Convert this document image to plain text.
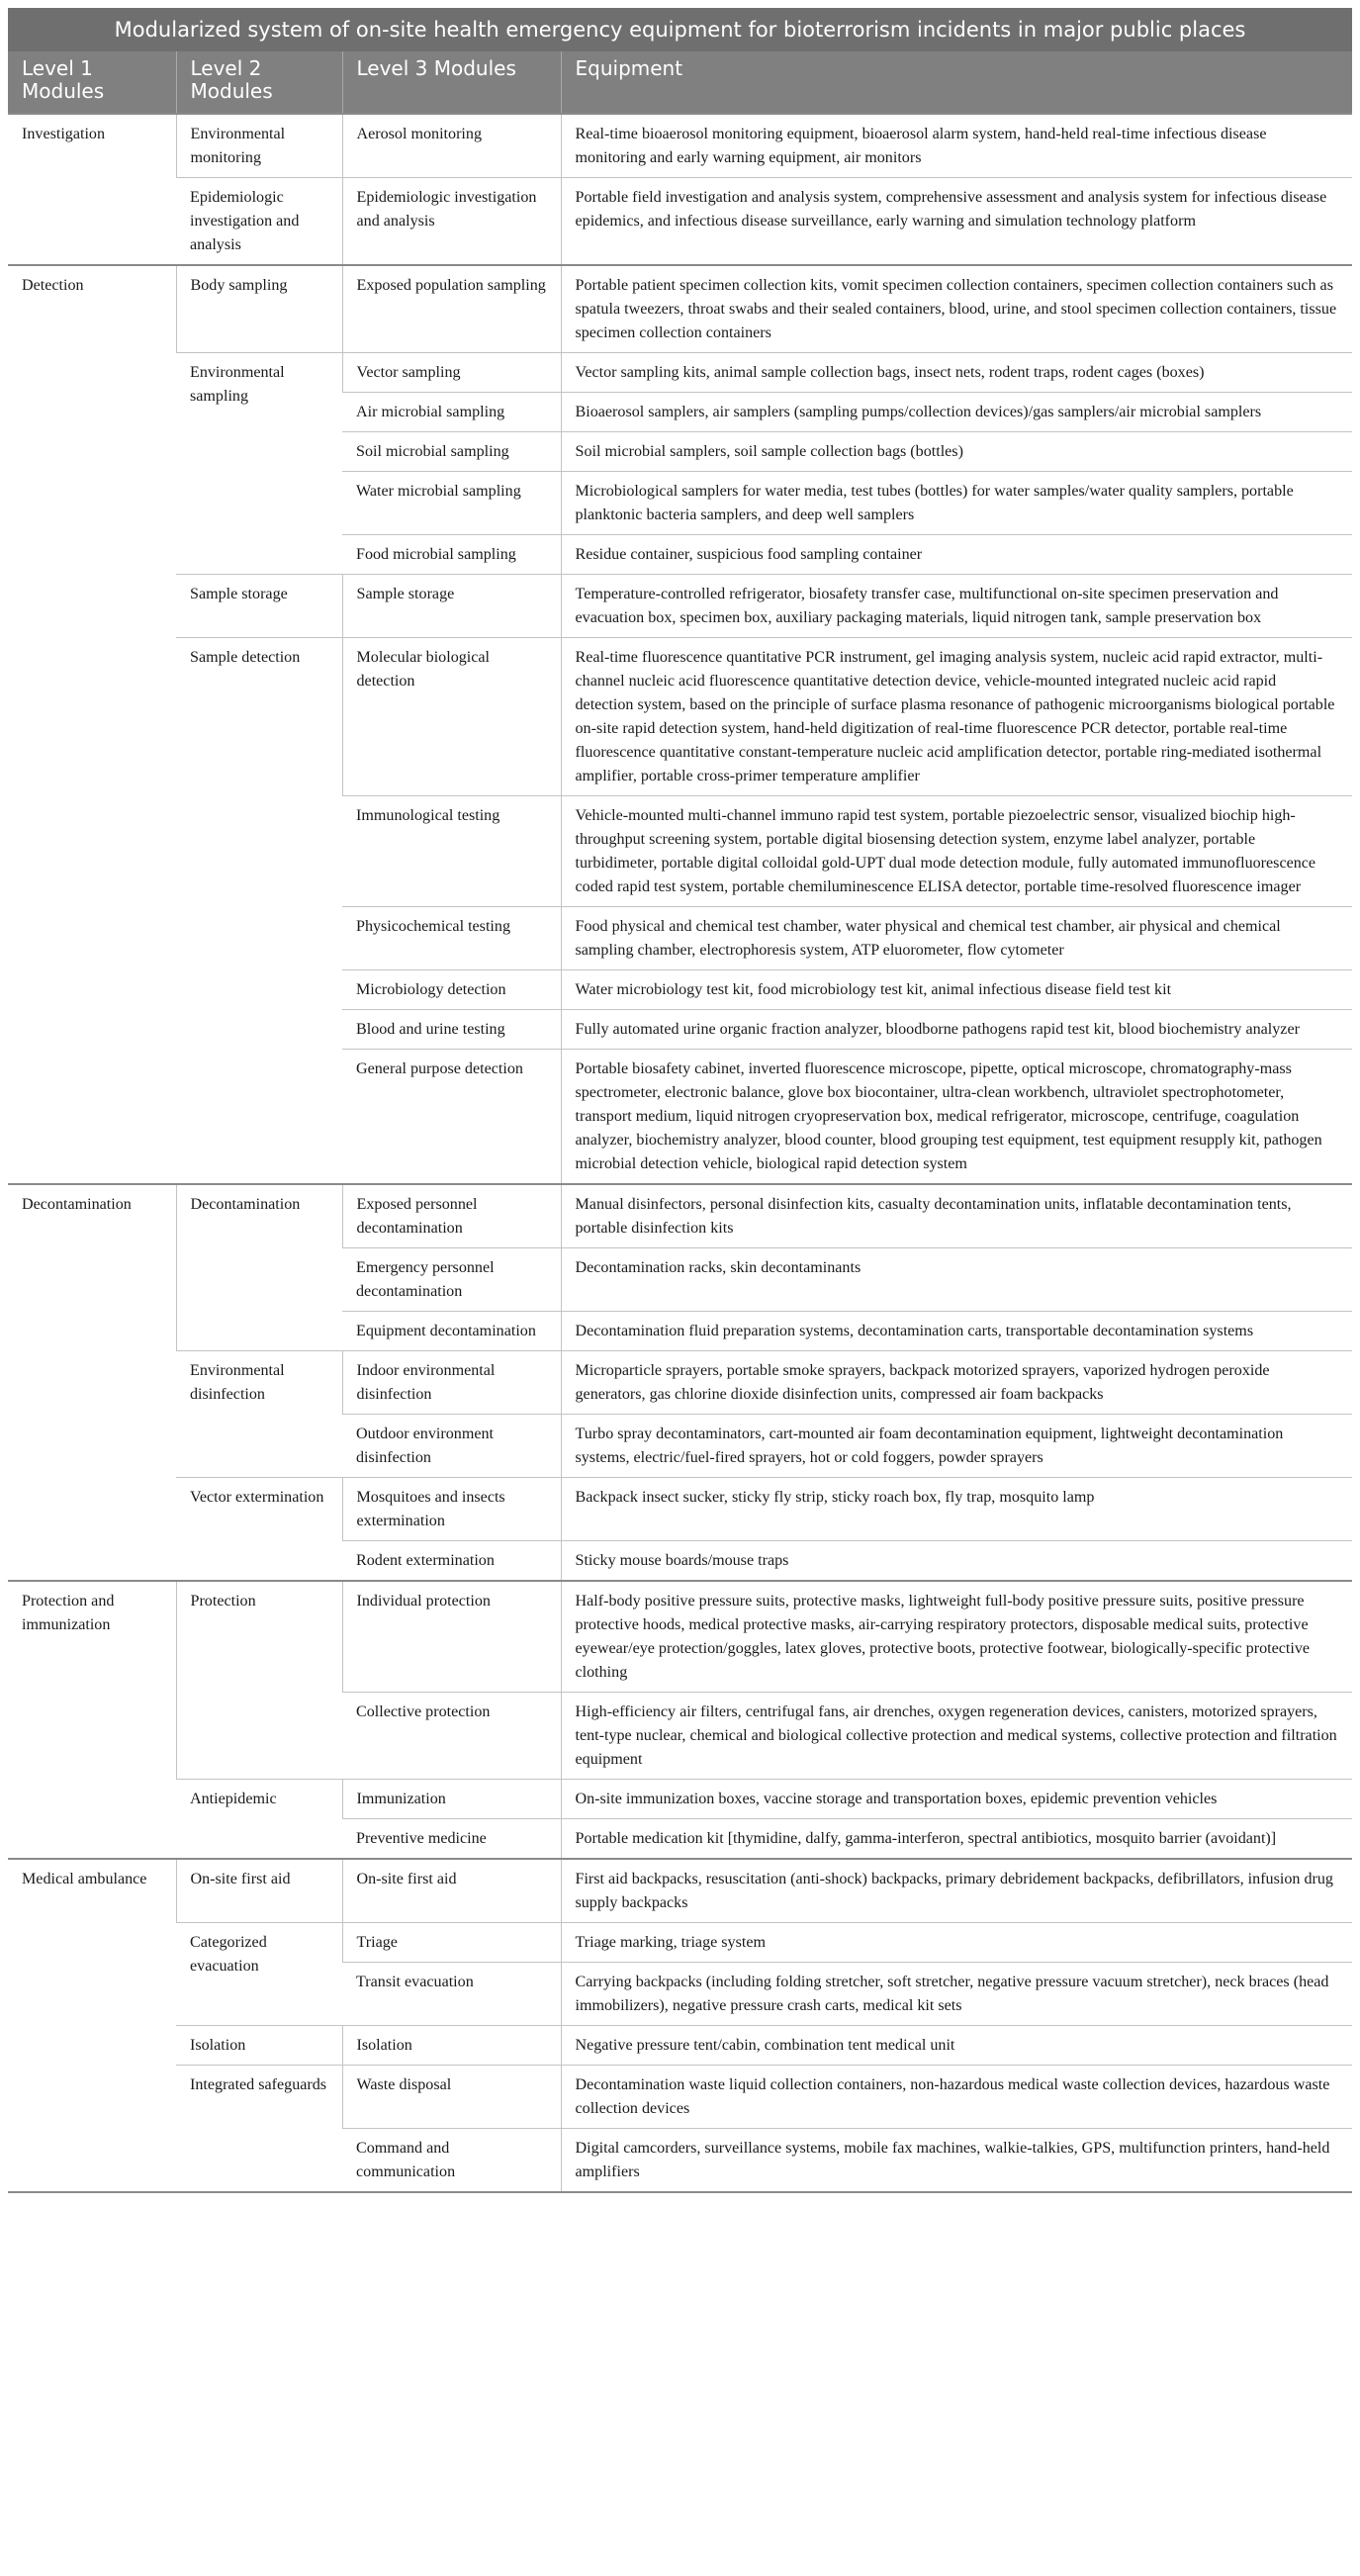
Modularized system of on-site health emergency equipment for bioterrorism incidents in major public places
Level 1 Modules	Level 2 Modules	Level 3 Modules	Equipment
Investigation	Environmental monitoring	Aerosol monitoring	Real-time bioaerosol monitoring equipment, bioaerosol alarm system, hand-held real-time infectious disease monitoring and early warning equipment, air monitors
	Epidemiologic investigation and analysis	Epidemiologic investigation and analysis	Portable field investigation and analysis system, comprehensive assessment and analysis system for infectious disease epidemics, and infectious disease surveillance, early warning and simulation technology platform
Detection	Body sampling	Exposed population sampling	Portable patient specimen collection kits, vomit specimen collection containers, specimen collection containers such as spatula tweezers, throat swabs and their sealed containers, blood, urine, and stool specimen collection containers, tissue specimen collection containers
	Environmental sampling	Vector sampling	Vector sampling kits, animal sample collection bags, insect nets, rodent traps, rodent cages (boxes)
		Air microbial sampling	Bioaerosol samplers, air samplers (sampling pumps/collection devices)/gas samplers/air microbial samplers
		Soil microbial sampling	Soil microbial samplers, soil sample collection bags (bottles)
		Water microbial sampling	Microbiological samplers for water media, test tubes (bottles) for water samples/water quality samplers, portable planktonic bacteria samplers, and deep well samplers
		Food microbial sampling	Residue container, suspicious food sampling container
	Sample storage	Sample storage	Temperature-controlled refrigerator, biosafety transfer case, multifunctional on-site specimen preservation and evacuation box, specimen box, auxiliary packaging materials, liquid nitrogen tank, sample preservation box
	Sample detection	Molecular biological detection	Real-time fluorescence quantitative PCR instrument, gel imaging analysis system, nucleic acid rapid extractor, multi-channel nucleic acid fluorescence quantitative detection device, vehicle-mounted integrated nucleic acid rapid detection system, based on the principle of surface plasma resonance of pathogenic microorganisms biological portable on-site rapid detection system, hand-held digitization of real-time fluorescence PCR detector, portable real-time fluorescence quantitative constant-temperature nucleic acid amplification detector, portable ring-mediated isothermal amplifier, portable cross-primer temperature amplifier
		Immunological testing	Vehicle-mounted multi-channel immuno rapid test system, portable piezoelectric sensor, visualized biochip high-throughput screening system, portable digital biosensing detection system, enzyme label analyzer, portable turbidimeter, portable digital colloidal gold-UPT dual mode detection module, fully automated immunofluorescence coded rapid test system, portable chemiluminescence ELISA detector, portable time-resolved fluorescence imager
		Physicochemical testing	Food physical and chemical test chamber, water physical and chemical test chamber, air physical and chemical sampling chamber, electrophoresis system, ATP eluorometer, flow cytometer
		Microbiology detection	Water microbiology test kit, food microbiology test kit, animal infectious disease field test kit
		Blood and urine testing	Fully automated urine organic fraction analyzer, bloodborne pathogens rapid test kit, blood biochemistry analyzer
		General purpose detection	Portable biosafety cabinet, inverted fluorescence microscope, pipette, optical microscope, chromatography-mass spectrometer, electronic balance, glove box biocontainer, ultra-clean workbench, ultraviolet spectrophotometer, transport medium, liquid nitrogen cryopreservation box, medical refrigerator, microscope, centrifuge, coagulation analyzer, biochemistry analyzer, blood counter, blood grouping test equipment, test equipment resupply kit, pathogen microbial detection vehicle, biological rapid detection system
Decontamination	Decontamination	Exposed personnel decontamination	Manual disinfectors, personal disinfection kits, casualty decontamination units, inflatable decontamination tents, portable disinfection kits
		Emergency personnel decontamination	Decontamination racks, skin decontaminants
		Equipment decontamination	Decontamination fluid preparation systems, decontamination carts, transportable decontamination systems
	Environmental disinfection	Indoor environmental disinfection	Microparticle sprayers, portable smoke sprayers, backpack motorized sprayers, vaporized hydrogen peroxide generators, gas chlorine dioxide disinfection units, compressed air foam backpacks
		Outdoor environment disinfection	Turbo spray decontaminators, cart-mounted air foam decontamination equipment, lightweight decontamination systems, electric/fuel-fired sprayers, hot or cold foggers, powder sprayers
	Vector extermination	Mosquitoes and insects extermination	Backpack insect sucker, sticky fly strip, sticky roach box, fly trap, mosquito lamp
		Rodent extermination	Sticky mouse boards/mouse traps
Protection and immunization	Protection	Individual protection	Half-body positive pressure suits, protective masks, lightweight full-body positive pressure suits, positive pressure protective hoods, medical protective masks, air-carrying respiratory protectors, disposable medical suits, protective eyewear/eye protection/goggles, latex gloves, protective boots, protective footwear, biologically-specific protective clothing
		Collective protection	High-efficiency air filters, centrifugal fans, air drenches, oxygen regeneration devices, canisters, motorized sprayers, tent-type nuclear, chemical and biological collective protection and medical systems, collective protection and filtration equipment
	Antiepidemic	Immunization	On-site immunization boxes, vaccine storage and transportation boxes, epidemic prevention vehicles
		Preventive medicine	Portable medication kit [thymidine, dalfy, gamma-interferon, spectral antibiotics, mosquito barrier (avoidant)]
Medical ambulance	On-site first aid	On-site first aid	First aid backpacks, resuscitation (anti-shock) backpacks, primary debridement backpacks, defibrillators, infusion drug supply backpacks
	Categorized evacuation	Triage	Triage marking, triage system
		Transit evacuation	Carrying backpacks (including folding stretcher, soft stretcher, negative pressure vacuum stretcher), neck braces (head immobilizers), negative pressure crash carts, medical kit sets
	Isolation	Isolation	Negative pressure tent/cabin, combination tent medical unit
	Integrated safeguards	Waste disposal	Decontamination waste liquid collection containers, non-hazardous medical waste collection devices, hazardous waste collection devices
		Command and communication	Digital camcorders, surveillance systems, mobile fax machines, walkie-talkies, GPS, multifunction printers, hand-held amplifiers
